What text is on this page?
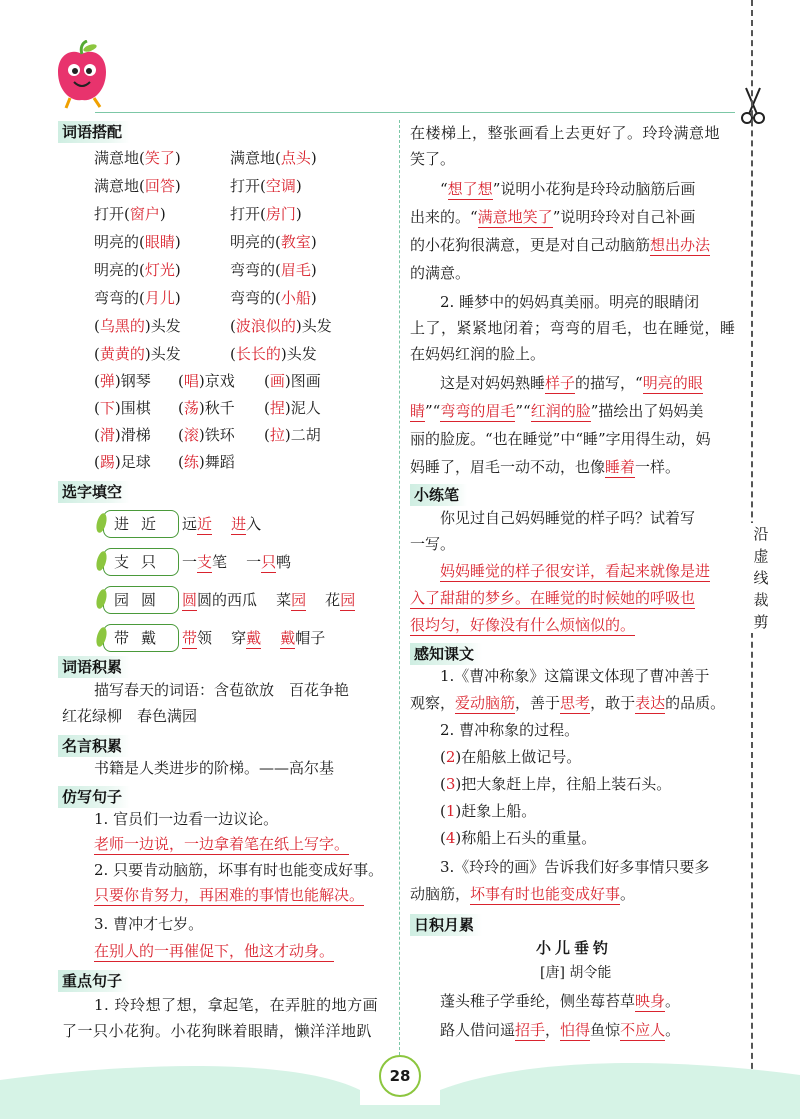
沿
虚
线
裁
剪
词语搭配
满意地(笑了)	满意地(点头)
满意地(回答)	打开(空调)
打开(窗户)	打开(房门)
明亮的(眼睛)	明亮的(教室)
明亮的(灯光)	弯弯的(眉毛)
弯弯的(月儿)	弯弯的(小船)
(乌黑的)头发	(波浪似的)头发
(黄黄的)头发	(长长的)头发
(弹)钢琴 (唱)京戏 (画)图画
(下)围棋 (荡)秋千 (捏)泥人
(滑)滑梯 (滚)铁环 (拉)二胡
(踢)足球 (练)舞蹈
选字填空
进近 远近 进入
支只 一支笔    一只鸭
园圆 圆圆的西瓜    菜园    花园
带戴 带领    穿戴 戴帽子
词语积累
描写春天的词语：含苞欲放　百花争艳
红花绿柳　春色满园
名言积累
书籍是人类进步的阶梯。——高尔基
仿写句子
1. 官员们一边看一边议论。
老师一边说，一边拿着笔在纸上写字。
2. 只要肯动脑筋，坏事有时也能变成好事。
只要你肯努力，再困难的事情也能解决。
3. 曹冲才七岁。
在别人的一再催促下，他这才动身。
重点句子
1. 玲玲想了想，拿起笔，在弄脏的地方画
了一只小花狗。小花狗眯着眼睛，懒洋洋地趴
在楼梯上，整张画看上去更好了。玲玲满意地
笑了。
“想了想”说明小花狗是玲玲动脑筋后画
出来的。“满意地笑了”说明玲玲对自己补画
的小花狗很满意，更是对自己动脑筋想出办法
的满意。
2. 睡梦中的妈妈真美丽。明亮的眼睛闭
上了，紧紧地闭着；弯弯的眉毛，也在睡觉，睡
在妈妈红润的脸上。
这是对妈妈熟睡样子的描写，“明亮的眼
睛”“弯弯的眉毛”“红润的脸”描绘出了妈妈美
丽的脸庞。“也在睡觉”中“睡”字用得生动，妈
妈睡了，眉毛一动不动，也像睡着一样。
小练笔
你见过自己妈妈睡觉的样子吗？试着写
一写。
妈妈睡觉的样子很安详，看起来就像是进
入了甜甜的梦乡。在睡觉的时候她的呼吸也
很均匀，好像没有什么烦恼似的。
感知课文
1.《曹冲称象》这篇课文体现了曹冲善于
观察，爱动脑筋，善于思考，敢于表达的品质。
2. 曹冲称象的过程。
(2)在船舷上做记号。
(3)把大象赶上岸，往船上装石头。
(1)赶象上船。
(4)称船上石头的重量。
3.《玲玲的画》告诉我们好多事情只要多
动脑筋，坏事有时也能变成好事。
日积月累
小儿垂钓
[唐] 胡令能
蓬头稚子学垂纶，侧坐莓苔草映身。
路人借问遥招手，怕得鱼惊不应人。
28
